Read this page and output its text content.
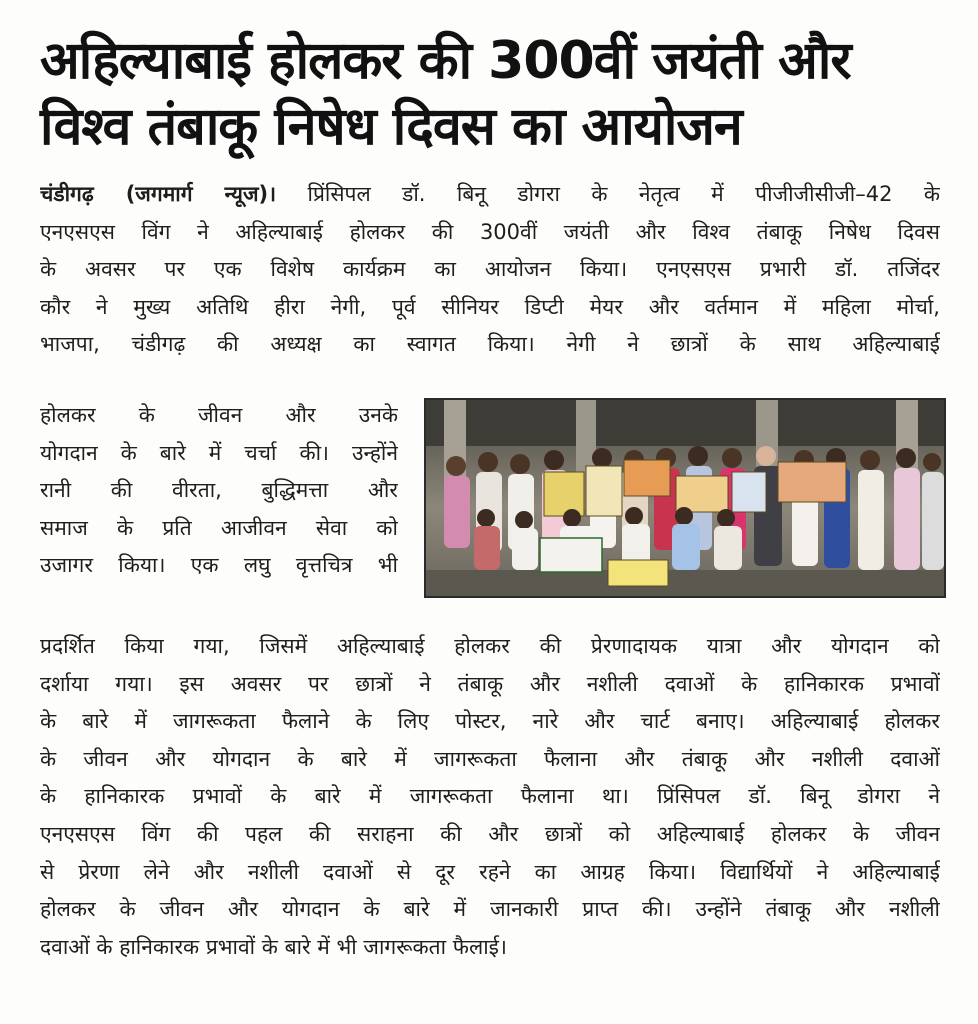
अहिल्याबाई होलकर की 300वीं जयंती और
विश्व तंबाकू निषेध दिवस का आयोजन
चंडीगढ़ (जगमार्ग न्यूज)। प्रिंसिपल डॉ. बिनू डोगरा के नेतृत्व में पीजीजीसीजी–42 के
एनएसएस विंग ने अहिल्याबाई होलकर की 300वीं जयंती और विश्व तंबाकू निषेध दिवस
के अवसर पर एक विशेष कार्यक्रम का आयोजन किया। एनएसएस प्रभारी डॉ. तजिंदर
कौर ने मुख्य अतिथि हीरा नेगी, पूर्व सीनियर डिप्टी मेयर और वर्तमान में महिला मोर्चा,
भाजपा, चंडीगढ़ की अध्यक्ष का स्वागत किया। नेगी ने छात्रों के साथ अहिल्याबाई
होलकर के जीवन और उनके
योगदान के बारे में चर्चा की। उन्होंने
रानी की वीरता, बुद्धिमत्ता और
समाज के प्रति आजीवन सेवा को
उजागर किया। एक लघु वृत्तचित्र भी
प्रदर्शित किया गया, जिसमें अहिल्याबाई होलकर की प्रेरणादायक यात्रा और योगदान को
दर्शाया गया। इस अवसर पर छात्रों ने तंबाकू और नशीली दवाओं के हानिकारक प्रभावों
के बारे में जागरूकता फैलाने के लिए पोस्टर, नारे और चार्ट बनाए। अहिल्याबाई होलकर
के जीवन और योगदान के बारे में जागरूकता फैलाना और तंबाकू और नशीली दवाओं
के हानिकारक प्रभावों के बारे में जागरूकता फैलाना था। प्रिंसिपल डॉ. बिनू डोगरा ने
एनएसएस विंग की पहल की सराहना की और छात्रों को अहिल्याबाई होलकर के जीवन
से प्रेरणा लेने और नशीली दवाओं से दूर रहने का आग्रह किया। विद्यार्थियों ने अहिल्याबाई
होलकर के जीवन और योगदान के बारे में जानकारी प्राप्त की। उन्होंने तंबाकू और नशीली
दवाओं के हानिकारक प्रभावों के बारे में भी जागरूकता फैलाई।
